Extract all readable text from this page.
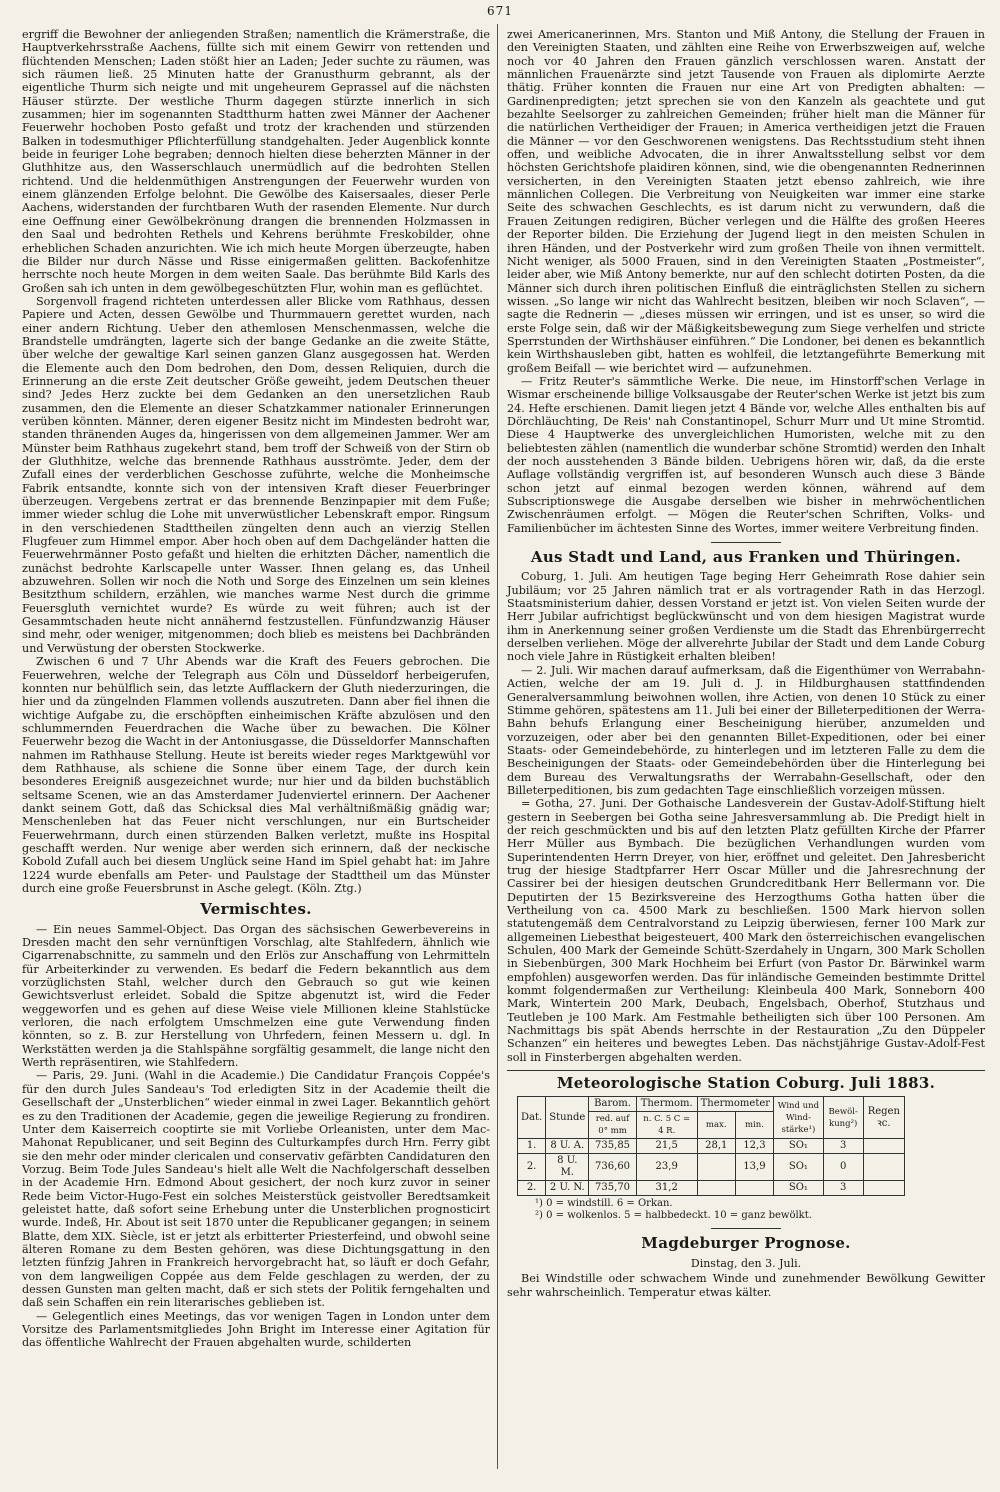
671

ergriff die Bewohner der anliegenden Straßen; namentlich die Krämerstraße, die Hauptverkehrsstraße Aachens, füllte sich mit einem Gewirr von rettenden und flüchtenden Menschen; Laden stößt hier an Laden; Jeder suchte zu räumen, was sich räumen ließ. 25 Minuten hatte der Granusthurm gebrannt, als der eigentliche Thurm sich neigte und mit ungeheurem Geprassel auf die nächsten Häuser stürzte. Der westliche Thurm dagegen stürzte innerlich in sich zusammen; hier im sogenannten Stadtthurm hatten zwei Männer der Aachener Feuerwehr hochoben Posto gefaßt und trotz der krachenden und stürzenden Balken in todesmuthiger Pflichterfüllung standgehalten. Jeder Augenblick konnte beide in feuriger Lohe begraben; dennoch hielten diese beherzten Männer in der Gluthhitze aus, den Wasserschlauch unermüdlich auf die bedrohten Stellen richtend. Und die heldenmüthigen Anstrengungen der Feuerwehr wurden von einem glänzenden Erfolge belohnt. Die Gewölbe des Kaisersaales, dieser Perle Aachens, widerstanden der furchtbaren Wuth der rasenden Elemente. Nur durch eine Oeffnung einer Gewölbekrönung drangen die brennenden Holzmassen in den Saal und bedrohten Rethels und Kehrens berühmte Freskobilder, ohne erheblichen Schaden anzurichten. Wie ich mich heute Morgen überzeugte, haben die Bilder nur durch Nässe und Risse einigermaßen gelitten. Backofenhitze herrschte noch heute Morgen in dem weiten Saale. Das berühmte Bild Karls des Großen sah ich unten in dem gewölbegeschützten Flur, wohin man es geflüchtet.

Sorgenvoll fragend richteten unterdessen aller Blicke vom Rathhaus, dessen Papiere und Acten, dessen Gewölbe und Thurmmauern gerettet wurden, nach einer andern Richtung. Ueber den athemlosen Menschenmassen, welche die Brandstelle umdrängten, lagerte sich der bange Gedanke an die zweite Stätte, über welche der gewaltige Karl seinen ganzen Glanz ausgegossen hat. Werden die Elemente auch den Dom bedrohen, den Dom, dessen Reliquien, durch die Erinnerung an die erste Zeit deutscher Größe geweiht, jedem Deutschen theuer sind? Jedes Herz zuckte bei dem Gedanken an den unersetzlichen Raub zusammen, den die Elemente an dieser Schatzkammer nationaler Erinnerungen verüben könnten. Männer, deren eigener Besitz nicht im Mindesten bedroht war, standen thränenden Auges da, hingerissen von dem allgemeinen Jammer. Wer am Münster beim Rathhaus zugekehrt stand, bem troff der Schweiß von der Stirn ob der Gluthhitze, welche das brennende Rathhaus ausströmte. Jeder, dem der Zufall eines der verderblichen Geschosse zuführte, welche die Monheimsche Fabrik entsandte, konnte sich von der intensiven Kraft dieser Feuerbringer überzeugen. Vergebens zertrat er das brennende Benzinpapier mit dem Fuße; immer wieder schlug die Lohe mit unverwüstlicher Lebenskraft empor. Ringsum in den verschiedenen Stadttheilen züngelten denn auch an vierzig Stellen Flugfeuer zum Himmel empor. Aber hoch oben auf dem Dachgeländer hatten die Feuerwehrmänner Posto gefaßt und hielten die erhitzten Dächer, namentlich die zunächst bedrohte Karlscapelle unter Wasser. Ihnen gelang es, das Unheil abzuwehren. Sollen wir noch die Noth und Sorge des Einzelnen um sein kleines Besitzthum schildern, erzählen, wie manches warme Nest durch die grimme Feuersgluth vernichtet wurde? Es würde zu weit führen; auch ist der Gesammtschaden heute nicht annähernd festzustellen. Fünfundzwanzig Häuser sind mehr, oder weniger, mitgenommen; doch blieb es meistens bei Dachbränden und Verwüstung der obersten Stockwerke.

Zwischen 6 und 7 Uhr Abends war die Kraft des Feuers gebrochen. Die Feuerwehren, welche der Telegraph aus Cöln und Düsseldorf herbeigerufen, konnten nur behülflich sein, das letzte Aufflackern der Gluth niederzuringen, die hier und da züngelnden Flammen vollends auszutreten. Dann aber fiel ihnen die wichtige Aufgabe zu, die erschöpften einheimischen Kräfte abzulösen und den schlummernden Feuerdrachen die Wache über zu bewachen. Die Kölner Feuerwehr bezog die Wacht in der Antoniusgasse, die Düsseldorfer Mannschaften nahmen im Rathhause Stellung. Heute ist bereits wieder reges Marktgewühl vor dem Rathhause, als schiene die Sonne über einem Tage, der durch kein besonderes Ereigniß ausgezeichnet wurde; nur hier und da bilden buchstäblich seltsame Scenen, wie an das Amsterdamer Judenviertel erinnern. Der Aachener dankt seinem Gott, daß das Schicksal dies Mal verhältnißmäßig gnädig war; Menschenleben hat das Feuer nicht verschlungen, nur ein Burtscheider Feuerwehrmann, durch einen stürzenden Balken verletzt, mußte ins Hospital geschafft werden. Nur wenige aber werden sich erinnern, daß der neckische Kobold Zufall auch bei diesem Unglück seine Hand im Spiel gehabt hat: im Jahre 1224 wurde ebenfalls am Peter- und Paulstage der Stadttheil um das Münster durch eine große Feuersbrunst in Asche gelegt. (Köln. Ztg.)

Vermischtes.

— Ein neues Sammel-Object. Das Organ des sächsischen Gewerbevereins in Dresden macht den sehr vernünftigen Vorschlag, alte Stahlfedern, ähnlich wie Cigarrenabschnitte, zu sammeln und den Erlös zur Anschaffung von Lehrmitteln für Arbeiterkinder zu verwenden. Es bedarf die Federn bekanntlich aus dem vorzüglichsten Stahl, welcher durch den Gebrauch so gut wie keinen Gewichtsverlust erleidet. Sobald die Spitze abgenutzt ist, wird die Feder weggeworfen und es gehen auf diese Weise viele Millionen kleine Stahlstücke verloren, die nach erfolgtem Umschmelzen eine gute Verwendung finden könnten, so z. B. zur Herstellung von Uhrfedern, feinen Messern u. dgl. In Werkstätten werden ja die Stahlspähne sorgfältig gesammelt, die lange nicht den Werth repräsentiren, wie Stahlfedern.

— Paris, 29. Juni. (Wahl in die Academie.) Die Candidatur François Coppée's für den durch Jules Sandeau's Tod erledigten Sitz in der Academie theilt die Gesellschaft der „Unsterblichen“ wieder einmal in zwei Lager. Bekanntlich gehört es zu den Traditionen der Academie, gegen die jeweilige Regierung zu frondiren. Unter dem Kaiserreich cooptirte sie mit Vorliebe Orleanisten, unter dem Mac-Mahonat Republicaner, und seit Beginn des Culturkampfes durch Hrn. Ferry gibt sie den mehr oder minder clericalen und conservativ gefärbten Candidaturen den Vorzug. Beim Tode Jules Sandeau's hielt alle Welt die Nachfolgerschaft desselben in der Academie Hrn. Edmond About gesichert, der noch kurz zuvor in seiner Rede beim Victor-Hugo-Fest ein solches Meisterstück geistvoller Beredtsamkeit geleistet hatte, daß sofort seine Erhebung unter die Unsterblichen prognosticirt wurde. Indeß, Hr. About ist seit 1870 unter die Republicaner gegangen; in seinem Blatte, dem XIX. Siècle, ist er jetzt als erbitterter Priesterfeind, und obwohl seine älteren Romane zu dem Besten gehören, was diese Dichtungsgattung in den letzten fünfzig Jahren in Frankreich hervorgebracht hat, so läuft er doch Gefahr, von dem langweiligen Coppée aus dem Felde geschlagen zu werden, der zu dessen Gunsten man gelten macht, daß er sich stets der Politik ferngehalten und daß sein Schaffen ein rein literarisches geblieben ist.

— Gelegentlich eines Meetings, das vor wenigen Tagen in London unter dem Vorsitze des Parlamentsmitgliedes John Bright im Interesse einer Agitation für das öffentliche Wahlrecht der Frauen abgehalten wurde, schilderten

zwei Americanerinnen, Mrs. Stanton und Miß Antony, die Stellung der Frauen in den Vereinigten Staaten, und zählten eine Reihe von Erwerbszweigen auf, welche noch vor 40 Jahren den Frauen gänzlich verschlossen waren. Anstatt der männlichen Frauenärzte sind jetzt Tausende von Frauen als diplomirte Aerzte thätig. Früher konnten die Frauen nur eine Art von Predigten abhalten: — Gardinenpredigten; jetzt sprechen sie von den Kanzeln als geachtete und gut bezahlte Seelsorger zu zahlreichen Gemeinden; früher hielt man die Männer für die natürlichen Vertheidiger der Frauen; in America vertheidigen jetzt die Frauen die Männer — vor den Geschworenen wenigstens. Das Rechtsstudium steht ihnen offen, und weibliche Advocaten, die in ihrer Anwaltsstellung selbst vor dem höchsten Gerichtshofe plaidiren können, sind, wie die obengenannten Rednerinnen versicherten, in den Vereinigten Staaten jetzt ebenso zahlreich, wie ihre männlichen Collegen. Die Verbreitung von Neuigkeiten war immer eine starke Seite des schwachen Geschlechts, es ist darum nicht zu verwundern, daß die Frauen Zeitungen redigiren, Bücher verlegen und die Hälfte des großen Heeres der Reporter bilden. Die Erziehung der Jugend liegt in den meisten Schulen in ihren Händen, und der Postverkehr wird zum großen Theile von ihnen vermittelt. Nicht weniger, als 5000 Frauen, sind in den Vereinigten Staaten „Postmeister“, leider aber, wie Miß Antony bemerkte, nur auf den schlecht dotirten Posten, da die Männer sich durch ihren politischen Einfluß die einträglichsten Stellen zu sichern wissen. „So lange wir nicht das Wahlrecht besitzen, bleiben wir noch Sclaven“, — sagte die Rednerin — „dieses müssen wir erringen, und ist es unser, so wird die erste Folge sein, daß wir der Mäßigkeitsbewegung zum Siege verhelfen und stricte Sperrstunden der Wirthshäuser einführen.“ Die Londoner, bei denen es bekanntlich kein Wirthshausleben gibt, hatten es wohlfeil, die letztangeführte Bemerkung mit großem Beifall — wie berichtet wird — aufzunehmen.

— Fritz Reuter's sämmtliche Werke. Die neue, im Hinstorff'schen Verlage in Wismar erscheinende billige Volksausgabe der Reuter'schen Werke ist jetzt bis zum 24. Hefte erschienen. Damit liegen jetzt 4 Bände vor, welche Alles enthalten bis auf Dörchläuchting, De Reis' nah Constantinopel, Schurr Murr und Ut mine Stromtid. Diese 4 Hauptwerke des unvergleichlichen Humoristen, welche mit zu den beliebtesten zählen (namentlich die wunderbar schöne Stromtid) werden den Inhalt der noch ausstehenden 3 Bände bilden. Uebrigens hören wir, daß, da die erste Auflage vollständig vergriffen ist, auf besonderen Wunsch auch diese 3 Bände schon jetzt auf einmal bezogen werden können, während auf dem Subscriptionswege die Ausgabe derselben wie bisher in mehrwöchentlichen Zwischenräumen erfolgt. — Mögen die Reuter'schen Schriften, Volks- und Familienbücher im ächtesten Sinne des Wortes, immer weitere Verbreitung finden.

Aus Stadt und Land, aus Franken und Thüringen.

Coburg, 1. Juli. Am heutigen Tage beging Herr Geheimrath Rose dahier sein Jubiläum; vor 25 Jahren nämlich trat er als vortragender Rath in das Herzogl. Staatsministerium dahier, dessen Vorstand er jetzt ist. Von vielen Seiten wurde der Herr Jubilar aufrichtigst beglückwünscht und von dem hiesigen Magistrat wurde ihm in Anerkennung seiner großen Verdienste um die Stadt das Ehrenbürgerrecht derselben verliehen. Möge der allverehrte Jubilar der Stadt und dem Lande Coburg noch viele Jahre in Rüstigkeit erhalten bleiben!

— 2. Juli. Wir machen darauf aufmerksam, daß die Eigenthümer von Werrabahn-Actien, welche der am 19. Juli d. J. in Hildburghausen stattfindenden Generalversammlung beiwohnen wollen, ihre Actien, von denen 10 Stück zu einer Stimme gehören, spätestens am 11. Juli bei einer der Billeterpeditionen der Werra-Bahn behufs Erlangung einer Bescheinigung hierüber, anzumelden und vorzuzeigen, oder aber bei den genannten Billet-Expeditionen, oder bei einer Staats- oder Gemeindebehörde, zu hinterlegen und im letzteren Falle zu dem die Bescheinigungen der Staats- oder Gemeindebehörden über die Hinterlegung bei dem Bureau des Verwaltungsraths der Werrabahn-Gesellschaft, oder den Billeterpeditionen, bis zum gedachten Tage einschließlich vorzeigen müssen.

= Gotha, 27. Juni. Der Gothaische Landesverein der Gustav-Adolf-Stiftung hielt gestern in Seebergen bei Gotha seine Jahresversammlung ab. Die Predigt hielt in der reich geschmückten und bis auf den letzten Platz gefüllten Kirche der Pfarrer Herr Müller aus Bymbach. Die bezüglichen Verhandlungen wurden vom Superintendenten Herrn Dreyer, von hier, eröffnet und geleitet. Den Jahresbericht trug der hiesige Stadtpfarrer Herr Oscar Müller und die Jahresrechnung der Cassirer bei der hiesigen deutschen Grundcreditbank Herr Bellermann vor. Die Deputirten der 15 Bezirksvereine des Herzogthums Gotha hatten über die Vertheilung von ca. 4500 Mark zu beschließen. 1500 Mark hiervon sollen statutengemäß dem Centralvorstand zu Leipzig überwiesen, ferner 100 Mark zur allgemeinen Liebesthat beigesteuert, 400 Mark den österreichischen evangelischen Schulen, 400 Mark der Gemeinde Schütt-Szerdahely in Ungarn, 300 Mark Schollen in Siebenbürgen, 300 Mark Hochheim bei Erfurt (von Pastor Dr. Bärwinkel warm empfohlen) ausgeworfen werden. Das für inländische Gemeinden bestimmte Drittel kommt folgendermaßen zur Vertheilung: Kleinbeula 400 Mark, Sonneborn 400 Mark, Wintertein 200 Mark, Deubach, Engelsbach, Oberhof, Stutzhaus und Teutleben je 100 Mark. Am Festmahle betheiligten sich über 100 Personen. Am Nachmittags bis spät Abends herrschte in der Restauration „Zu den Düppeler Schanzen“ ein heiteres und bewegtes Leben. Das nächstjährige Gustav-Adolf-Fest soll in Finsterbergen abgehalten werden.

Meteorologische Station Coburg. Juli 1883.
Dat.	Stunde	Barom.	Thermom.	Thermometer		Wind und Wind-stärke¹)	Bewöl-kung²)	Regen ꝛc.
		red. auf 0° mm	n. C. 5 C = 4 R.	max.	min.			
1.	8 U. A.	735,85	21,5	28,1	12,3	SO₁	3	
2.	8 U. M.	736,60	23,9		13,9	SO₁	0	
2.	2 U. N.	735,70	31,2			SO₁	3	
¹) 0 = windstill. 6 = Orkan.
²) 0 = wolkenlos. 5 = halbbedeckt. 10 = ganz bewölkt.
Magdeburger Prognose.
Dinstag, den 3. Juli.

Bei Windstille oder schwachem Winde und zunehmender Bewölkung Gewitter sehr wahrscheinlich. Temperatur etwas kälter.
